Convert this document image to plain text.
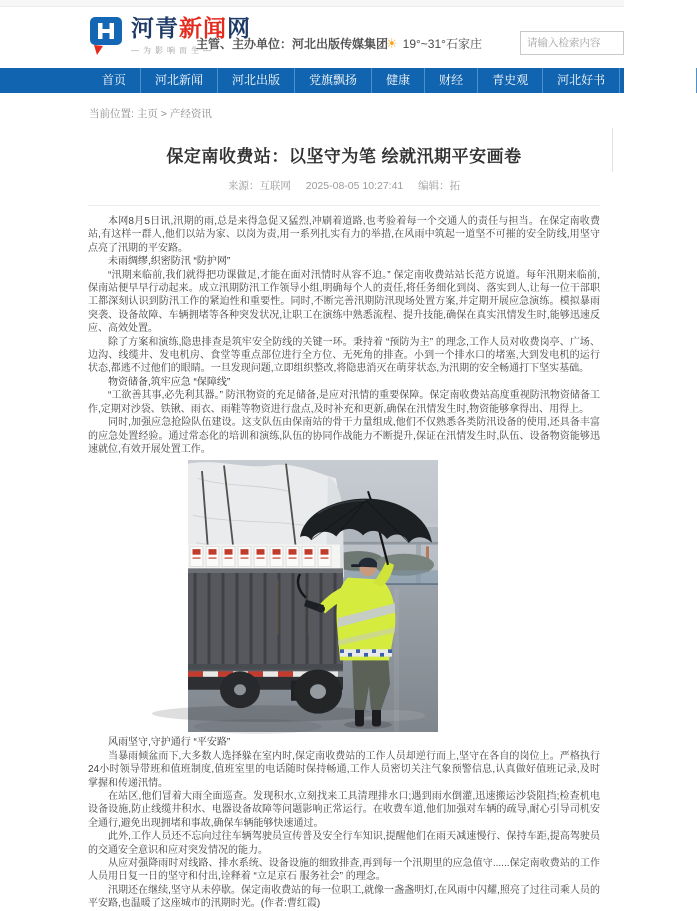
河青新闻网
—为影响而生—
主管、主办单位：河北出版传媒集团
☀ 19°~31°石家庄
请输入检索内容
首页	河北新闻	河北出版	党旗飘扬	健康	财经	青史观	河北好书	全民辟谣
当前位置: 主页 > 产经资讯
保定南收费站：以坚守为笔 绘就汛期平安画卷
来源：互联网 2025-08-05 10:27:41 编辑：拓

本网8月5日讯,汛期的雨,总是来得急促又猛烈,冲刷着道路,也考验着每一个交通人的责任与担当。在保定南收费站,有这样一群人,他们以站为家、以岗为责,用一系列扎实有力的举措,在风雨中筑起一道坚不可摧的安全防线,用坚守点亮了汛期的平安路。

未雨绸缪,织密防汛 “防护网”

“汛期来临前,我们就得把功课做足,才能在面对汛情时从容不迫。” 保定南收费站站长范方说道。每年汛期来临前,保南站便早早行动起来。成立汛期防汛工作领导小组,明确每个人的责任,将任务细化到岗、落实到人,让每一位干部职工都深刻认识到防汛工作的紧迫性和重要性。同时,不断完善汛期防汛现场处置方案,并定期开展应急演练。模拟暴雨突袭、设备故障、车辆拥堵等各种突发状况,让职工在演练中熟悉流程、提升技能,确保在真实汛情发生时,能够迅速反应、高效处置。

除了方案和演练,隐患排查是筑牢安全防线的关键一环。秉持着 “预防为主” 的理念,工作人员对收费岗亭、广场、边沟、线缆井、发电机房、食堂等重点部位进行全方位、无死角的排查。小到一个排水口的堵塞,大到发电机的运行状态,都逃不过他们的眼睛。一旦发现问题,立即组织整改,将隐患消灭在萌芽状态,为汛期的安全畅通打下坚实基础。

物资储备,筑牢应急 “保障线”

“工欲善其事,必先利其器。” 防汛物资的充足储备,是应对汛情的重要保障。保定南收费站高度重视防汛物资储备工作,定期对沙袋、铁锹、雨衣、雨鞋等物资进行盘点,及时补充和更新,确保在汛情发生时,物资能够拿得出、用得上。

同时,加强应急抢险队伍建设。这支队伍由保南站的骨干力量组成,他们不仅熟悉各类防汛设备的使用,还具备丰富的应急处置经验。通过常态化的培训和演练,队伍的协同作战能力不断提升,保证在汛情发生时,队伍、设备物资能够迅速就位,有效开展处置工作。

风雨坚守,守护通行 “平安路”

当暴雨倾盆而下,大多数人选择躲在室内时,保定南收费站的工作人员却逆行而上,坚守在各自的岗位上。严格执行24小时领导带班和值班制度,值班室里的电话随时保持畅通,工作人员密切关注气象预警信息,认真做好值班记录,及时掌握和传递汛情。

在站区,他们冒着大雨全面巡查。发现积水,立刻找来工具清理排水口;遇到雨水倒灌,迅速搬运沙袋阻挡;检查机电设备设施,防止线缆井积水、电器设备故障等问题影响正常运行。在收费车道,他们加强对车辆的疏导,耐心引导司机安全通行,避免出现拥堵和事故,确保车辆能够快速通过。

此外,工作人员还不忘向过往车辆驾驶员宣传普及安全行车知识,提醒他们在雨天减速慢行、保持车距,提高驾驶员的交通安全意识和应对突发情况的能力。

从应对强降雨时对线路、排水系统、设备设施的细致排查,再到每一个汛期里的应急值守......保定南收费站的工作人员用日复一日的坚守和付出,诠释着 “立足京石 服务社会” 的理念。

汛期还在继续,坚守从未停歇。保定南收费站的每一位职工,就像一盏盏明灯,在风雨中闪耀,照亮了过往司乘人员的平安路,也温暖了这座城市的汛期时光。(作者:曹红霞)
